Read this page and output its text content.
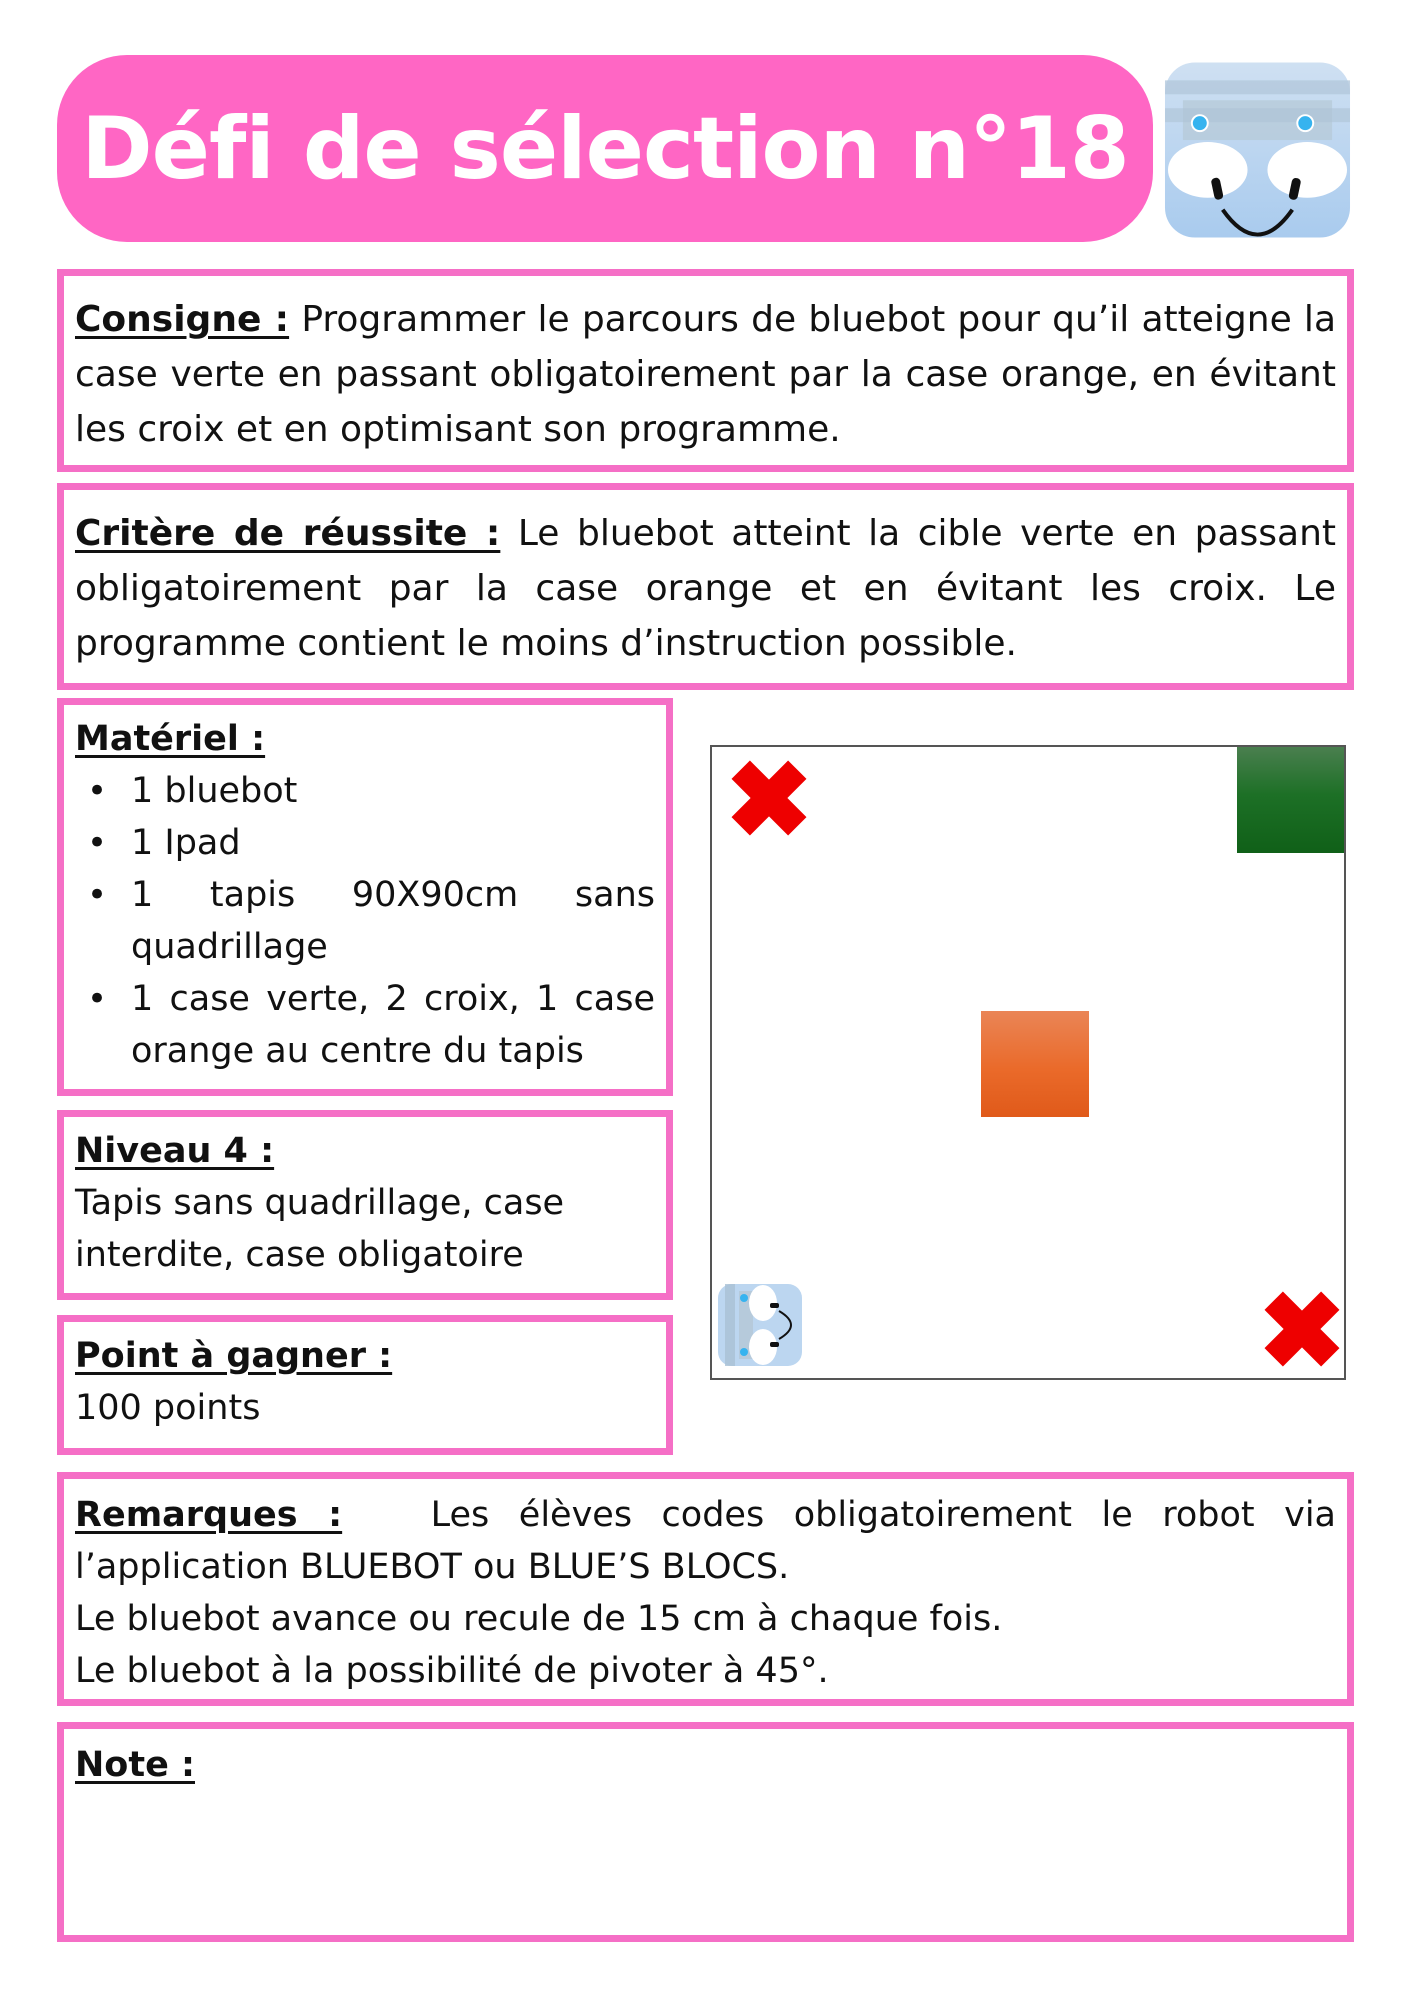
Défi de sélection n°18
Consigne : Programmer le parcours de bluebot pour qu’il atteigne la case verte en passant obligatoirement par la case orange, en évitant les croix et en optimisant son programme.
Critère de réussite : Le bluebot atteint la cible verte en passant obligatoirement par la case orange et en évitant les croix. Le programme contient le moins d’instruction possible.
Matériel :
• 1 bluebot
• 1 Ipad
• 1 tapis 90X90cm sans quadrillage
• 1 case verte, 2 croix, 1 case orange au centre du tapis
Niveau 4 :
Tapis sans quadrillage, case interdite, case obligatoire
Point à gagner :
100 points
Remarques :	Les élèves codes obligatoirement le robot via l’application BLUEBOT ou BLUE’S BLOCS.
Le bluebot avance ou recule de 15 cm à chaque fois.
Le bluebot à la possibilité de pivoter à 45°.
Note :
